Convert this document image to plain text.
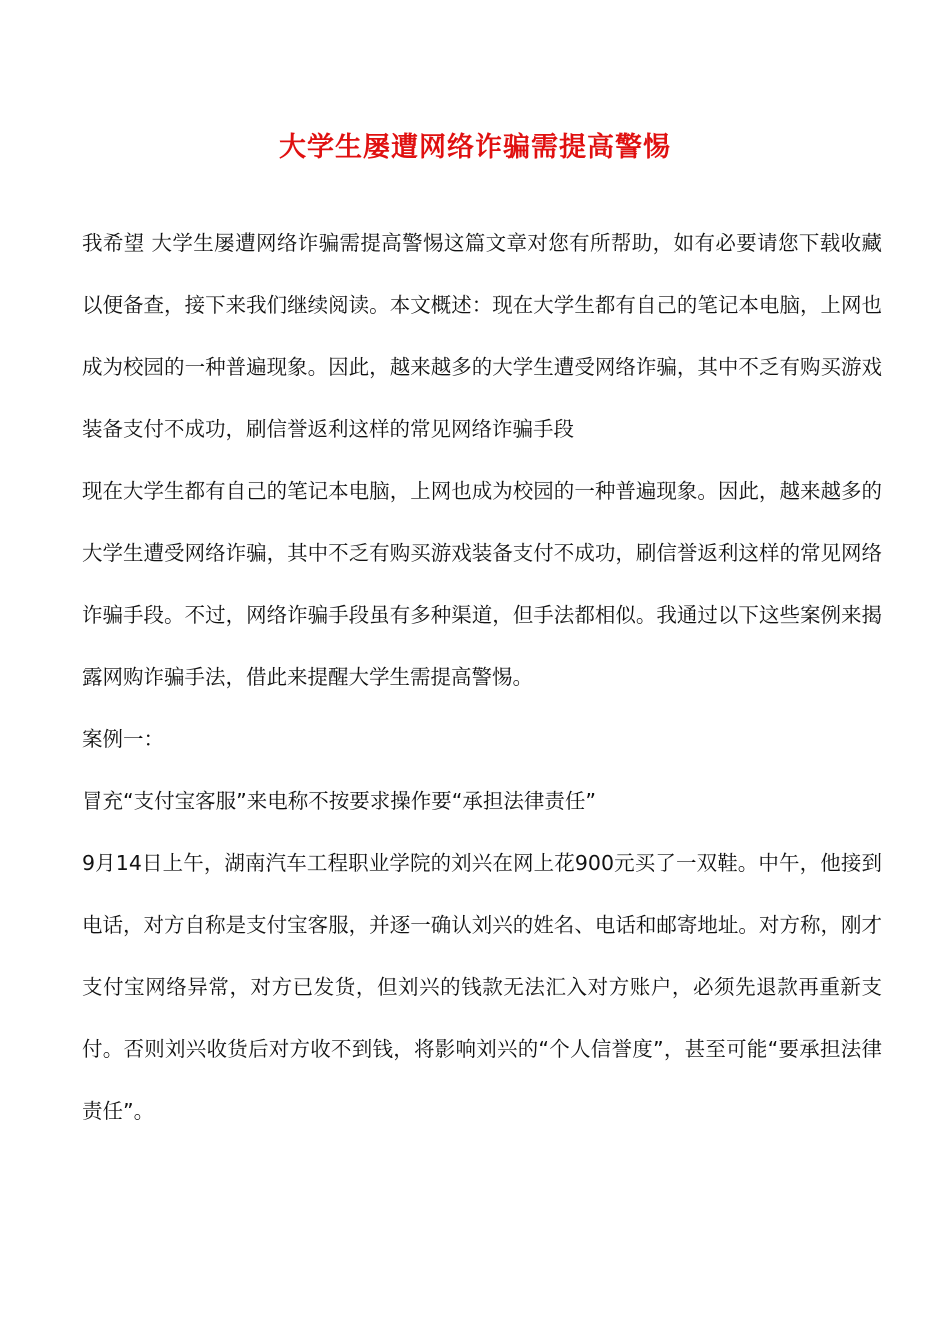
大学生屡遭网络诈骗需提高警惕

我希望 大学生屡遭网络诈骗需提高警惕这篇文章对您有所帮助，如有必要请您下载收藏以便备查，接下来我们继续阅读。本文概述：现在大学生都有自己的笔记本电脑，上网也成为校园的一种普遍现象。因此，越来越多的大学生遭受网络诈骗，其中不乏有购买游戏装备支付不成功，刷信誉返利这样的常见网络诈骗手段

现在大学生都有自己的笔记本电脑，上网也成为校园的一种普遍现象。因此，越来越多的大学生遭受网络诈骗，其中不乏有购买游戏装备支付不成功，刷信誉返利这样的常见网络诈骗手段。不过，网络诈骗手段虽有多种渠道，但手法都相似。我通过以下这些案例来揭露网购诈骗手法，借此来提醒大学生需提高警惕。

案例一：

冒充“支付宝客服”来电称不按要求操作要“承担法律责任”

9月14日上午，湖南汽车工程职业学院的刘兴在网上花900元买了一双鞋。中午，他接到电话，对方自称是支付宝客服，并逐一确认刘兴的姓名、电话和邮寄地址。对方称，刚才支付宝网络异常，对方已发货，但刘兴的钱款无法汇入对方账户，必须先退款再重新支付。否则刘兴收货后对方收不到钱，将影响刘兴的“个人信誉度”，甚至可能“要承担法律责任”。
